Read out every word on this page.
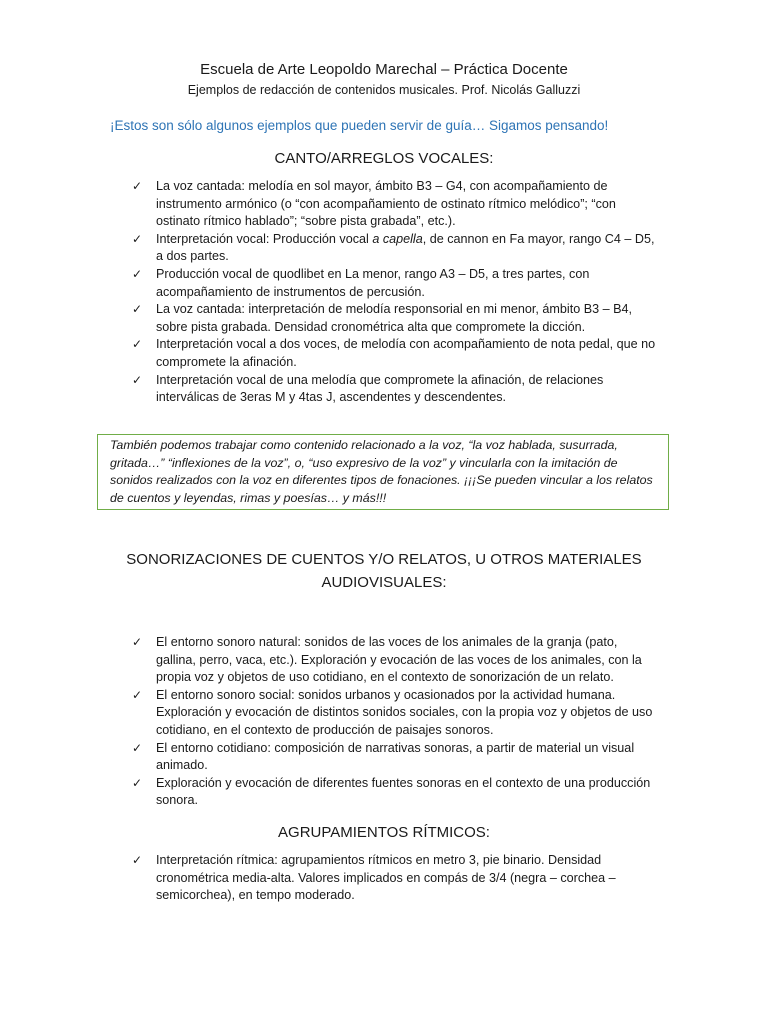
Escuela de Arte Leopoldo Marechal – Práctica Docente
Ejemplos de redacción de contenidos musicales. Prof. Nicolás Galluzzi
¡Estos son sólo algunos ejemplos que pueden servir de guía… Sigamos pensando!
CANTO/ARREGLOS VOCALES:
✓ La voz cantada: melodía en sol mayor, ámbito B3 – G4, con acompañamiento de instrumento armónico (o “con acompañamiento de ostinato rítmico melódico”; “con ostinato rítmico hablado”; “sobre pista grabada”, etc.).
✓ Interpretación vocal: Producción vocal a capella, de cannon en Fa mayor, rango C4 – D5, a dos partes.
✓ Producción vocal de quodlibet en La menor, rango A3 – D5, a tres partes, con acompañamiento de instrumentos de percusión.
✓ La voz cantada: interpretación de melodía responsorial en mi menor, ámbito B3 – B4, sobre pista grabada. Densidad cronométrica alta que compromete la dicción.
✓ Interpretación vocal a dos voces, de melodía con acompañamiento de nota pedal, que no compromete la afinación.
✓ Interpretación vocal de una melodía que compromete la afinación, de relaciones interválicas de 3eras M y 4tas J, ascendentes y descendentes.
También podemos trabajar como contenido relacionado a la voz, “la voz hablada, susurrada, gritada…” “inflexiones de la voz”, o, “uso expresivo de la voz” y vincularla con la imitación de sonidos realizados con la voz en diferentes tipos de fonaciones. ¡¡¡Se pueden vincular a los relatos de cuentos y leyendas, rimas y poesías… y más!!!
SONORIZACIONES DE CUENTOS Y/O RELATOS, U OTROS MATERIALES AUDIOVISUALES:
✓ El entorno sonoro natural: sonidos de las voces de los animales de la granja (pato, gallina, perro, vaca, etc.). Exploración y evocación de las voces de los animales, con la propia voz y objetos de uso cotidiano, en el contexto de sonorización de un relato.
✓ El entorno sonoro social: sonidos urbanos y ocasionados por la actividad humana. Exploración y evocación de distintos sonidos sociales, con la propia voz y objetos de uso cotidiano, en el contexto de producción de paisajes sonoros.
✓ El entorno cotidiano: composición de narrativas sonoras, a partir de material un visual animado.
✓ Exploración y evocación de diferentes fuentes sonoras en el contexto de una producción sonora.
AGRUPAMIENTOS RÍTMICOS:
✓ Interpretación rítmica: agrupamientos rítmicos en metro 3, pie binario. Densidad cronométrica media-alta. Valores implicados en compás de 3/4 (negra – corchea – semicorchea), en tempo moderado.
